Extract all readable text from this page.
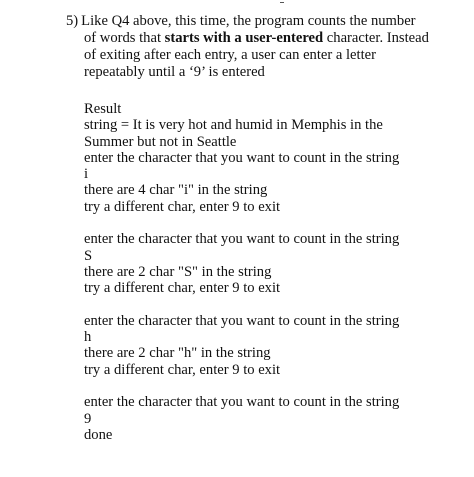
5) Like Q4 above, this time, the program counts the number
of words that starts with a user-entered character. Instead
of exiting after each entry, a user can enter a letter
repeatably until a ‘9’ is entered
Result
string = It is very hot and humid in Memphis in the
Summer but not in Seattle
enter the character that you want to count in the string
i
there are 4 char "i" in the string
try a different char, enter 9 to exit
enter the character that you want to count in the string
S
there are 2 char "S" in the string
try a different char, enter 9 to exit
enter the character that you want to count in the string
h
there are 2 char "h" in the string
try a different char, enter 9 to exit
enter the character that you want to count in the string
9
done
